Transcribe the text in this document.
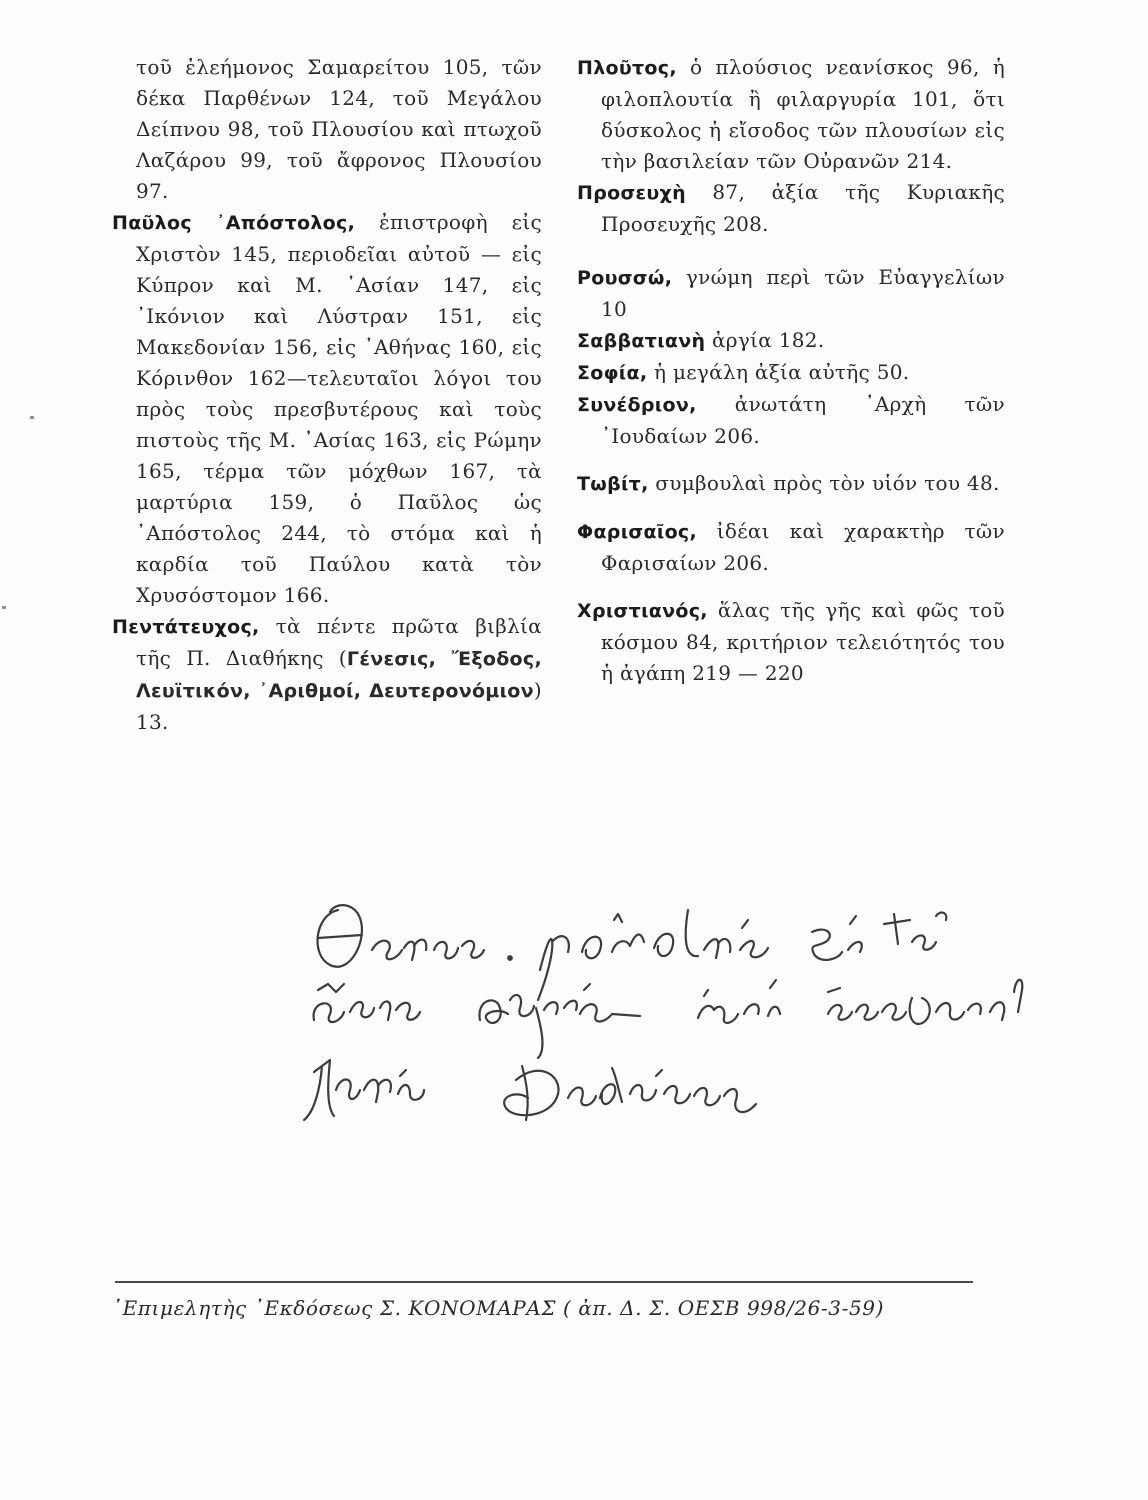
τοῦ ἐλεήμονος Σαμαρείτου 105, τῶν δέκα Παρθένων 124, τοῦ Μεγάλου Δείπνου 98, τοῦ Πλουσίου καὶ πτωχοῦ Λαζάρου 99, τοῦ ἄφρονος Πλουσίου 97.

Παῦλος ᾿Απόστολος, ἐπιστροφὴ εἰς Χριστὸν 145, περιοδεῖαι αὐτοῦ — εἰς Κύπρον καὶ Μ. ᾿Ασίαν 147, εἰς ᾿Ικόνιον καὶ Λύστραν 151, εἰς Μακεδονίαν 156, εἰς ᾿Αθήνας 160, εἰς Κόρινθον 162—τελευταῖοι λόγοι του πρὸς τοὺς πρεσβυτέρους καὶ τοὺς πιστοὺς τῆς Μ. ᾿Ασίας 163, εἰς Ρώμην 165, τέρμα τῶν μόχθων 167, τὰ μαρτύρια 159, ὁ Παῦλος ὡς ᾿Απόστολος 244, τὸ στόμα καὶ ἡ καρδία τοῦ Παύλου κατὰ τὸν Χρυσόστομον 166.

Πεντάτευχος, τὰ πέντε πρῶτα βιβλία τῆς Π. Διαθήκης (Γένεσις, Ἔξοδος, Λευϊτικόν, ᾿Αριθμοί, Δευτερονόμιον) 13.

Πλοῦτος, ὁ πλούσιος νεανίσκος 96, ἡ φιλοπλουτία ἢ φιλαργυρία 101, ὅτι δύσκολος ἡ εἴσοδος τῶν πλουσίων εἰς τὴν βασιλείαν τῶν Οὐρανῶν 214.

Προσευχὴ 87, ἀξία τῆς Κυριακῆς Προσευχῆς 208.

Ρουσσώ, γνώμη περὶ τῶν Εὐαγγελίων 10

Σαββατιανὴ ἀργία 182.

Σοφία, ἡ μεγάλη ἀξία αὐτῆς 50.

Συνέδριον, ἀνωτάτη ᾿Αρχὴ τῶν ᾿Ιουδαίων 206.

Τωβίτ, συμβουλαὶ πρὸς τὸν υἱόν του 48.

Φαρισαῖος, ἰδέαι καὶ χαρακτὴρ τῶν Φαρισαίων 206.

Χριστιανός, ἅλας τῆς γῆς καὶ φῶς τοῦ κόσμου 84, κριτήριον τελειότητός του ἡ ἀγάπη 219 — 220

᾿Επιμελητὴς ᾿Εκδόσεως Σ. ΚΟΝΟΜΑΡΑΣ ( ἀπ. Δ. Σ. ΟΕΣΒ 998/26-3-59)
